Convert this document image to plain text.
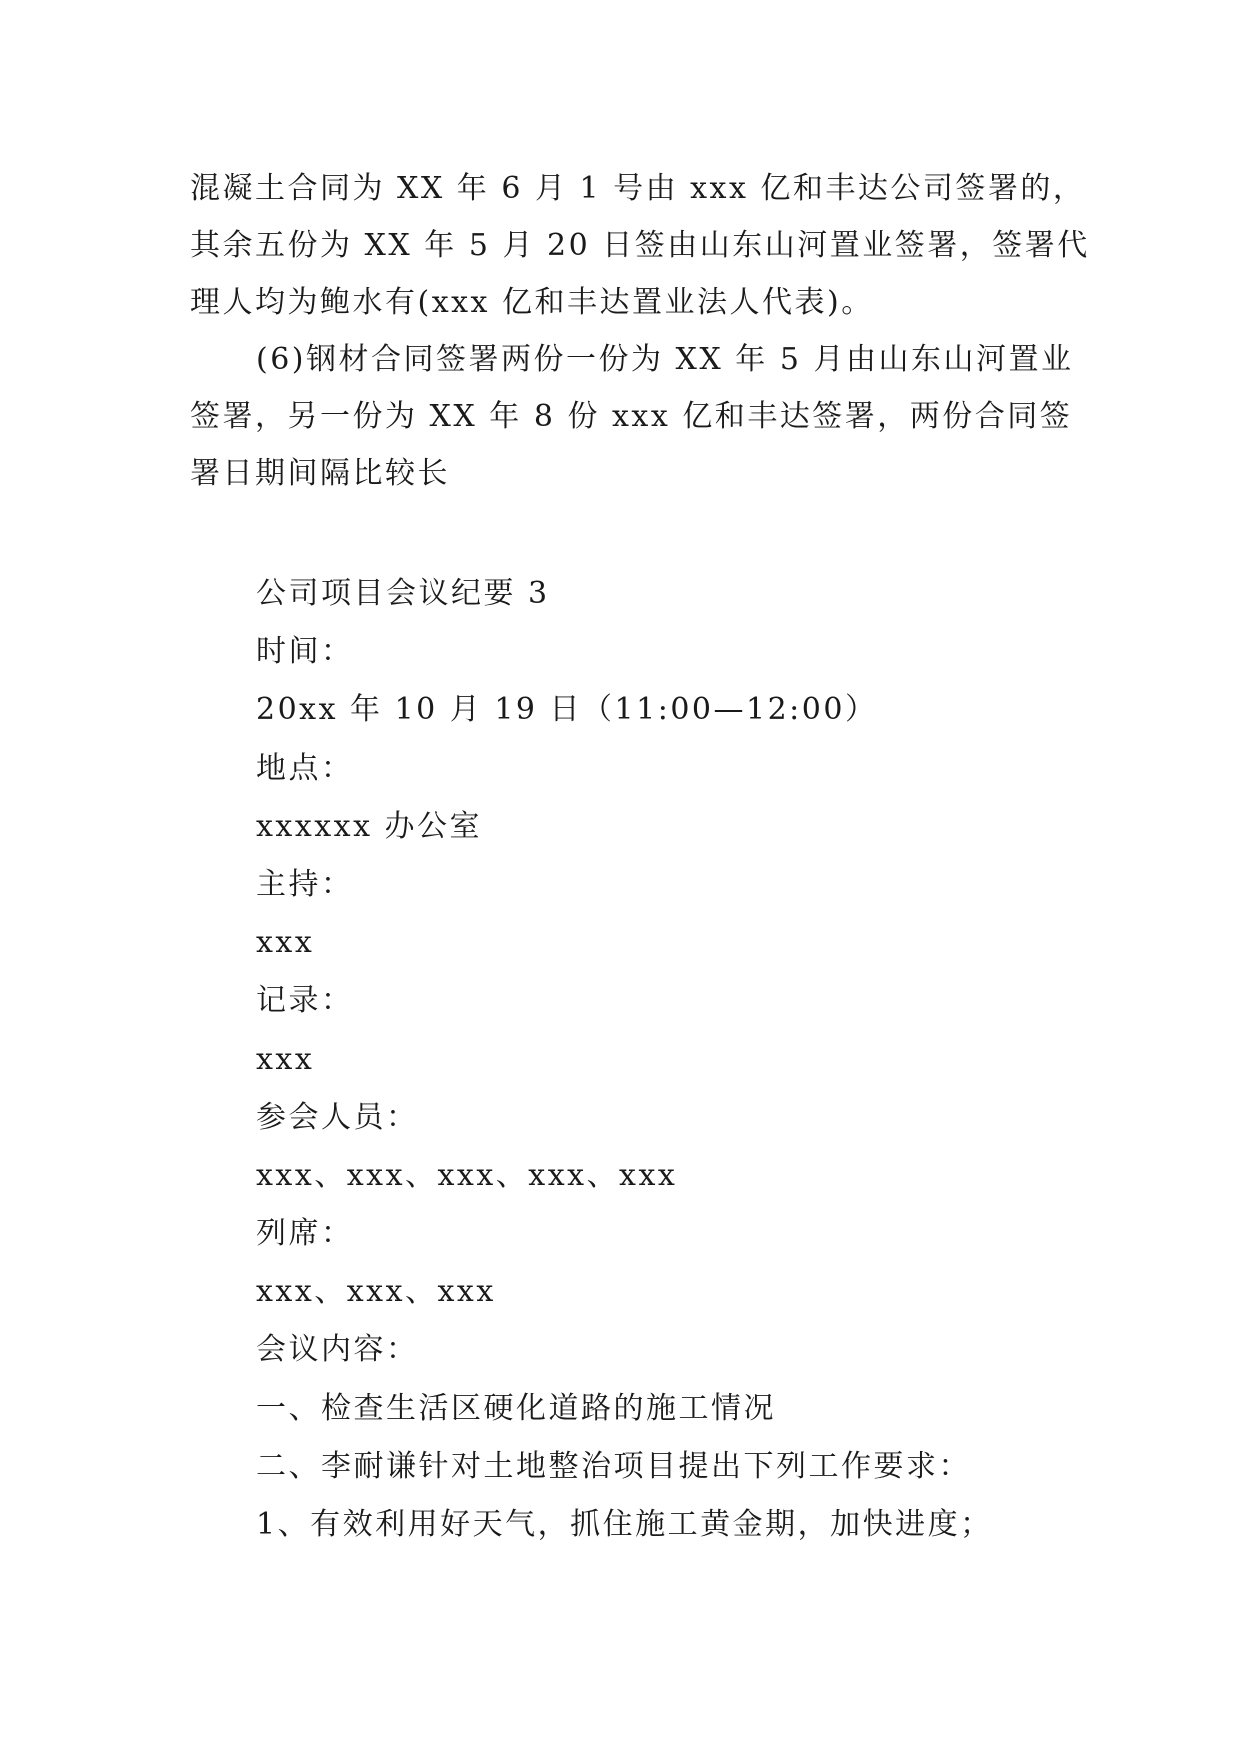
混凝土合同为 XX 年 6 月 1 号由 xxx 亿和丰达公司签署的，
其余五份为 XX 年 5 月 20 日签由山东山河置业签署，签署代
理人均为鲍水有(xxx 亿和丰达置业法人代表)。

(6)钢材合同签署两份一份为 XX 年 5 月由山东山河置业
签署，另一份为 XX 年 8 份 xxx 亿和丰达签署，两份合同签
署日期间隔比较长

公司项目会议纪要 3
时间：
20xx 年 10 月 19 日（11:00—12:00）
地点：
xxxxxx 办公室
主持：
xxx
记录：
xxx
参会人员：
xxx、xxx、xxx、xxx、xxx
列席：
xxx、xxx、xxx
会议内容：
一、检查生活区硬化道路的施工情况
二、李耐谦针对土地整治项目提出下列工作要求：
1、有效利用好天气，抓住施工黄金期，加快进度；
